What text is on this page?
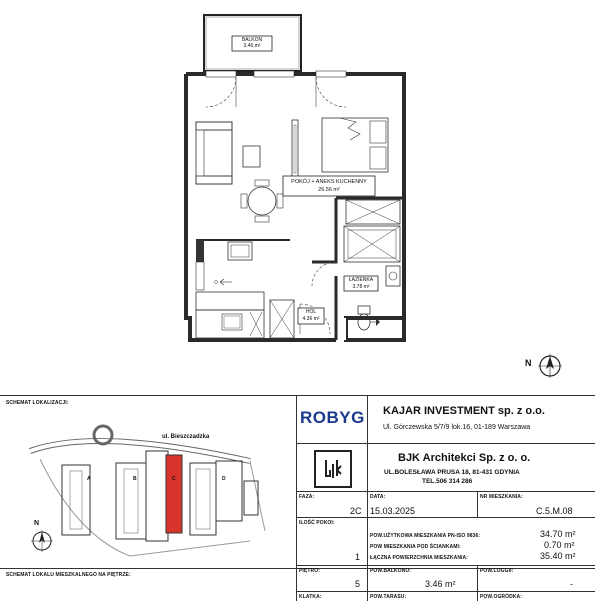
BALKON
3.46 m²
POKÓJ + ANEKS KUCHENNY
26.56 m²
ŁAZIENKA
3.78 m²
HOL
4.36 m²
N
SCHEMAT LOKALIZACJI:
ul. Bieszczadzka
A	B	C	D
N
SCHEMAT LOKALU MIESZKALNEGO NA PIĘTRZE:
ROBYG KAJAR INVESTMENT sp. z o.o.
Ul. Górczewska 5/7/9 lok.16, 01-189 Warszawa
BJK Architekci Sp. z o. o.
UL.BOLESŁAWA PRUSA 18, 81-431 GDYNIA
TEL.506 314 286
FAZA:
2C
DATA:
15.03.2025
NR MIESZKANIA:
C.5.M.08
ILOŚĆ POKOI:
1
POW.UŻYTKOWA MIESZKANIA PN-ISO 9836:	34.70 m²
POW MIESZKANIA POD ŚCIANKAMI:	0.70 m²
ŁĄCZNA POWIERZCHNIA MIESZKANIA:	35.40 m²
PIĘTRO:
5
POW.BALKONU:
3.46 m²
POW.LOGGII:
-
KLATKA:	POW.TARASU:	POW.OGRÓDKA:
